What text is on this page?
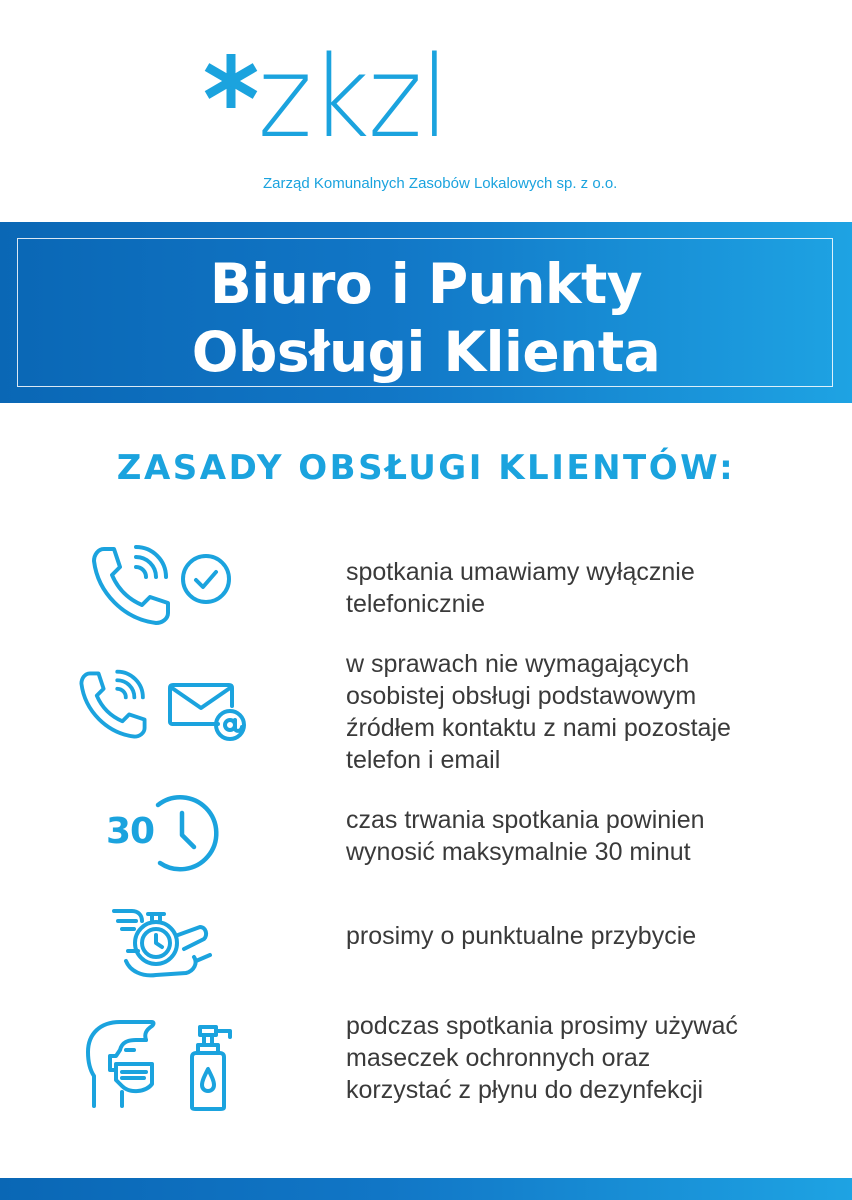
zkzl
Zarząd Komunalnych Zasobów Lokalowych sp. z o.o.
Biuro i Punkty
Obsługi Klienta
ZASADY OBSŁUGI KLIENTÓW:
spotkania umawiamy wyłącznie
telefonicznie
w sprawach nie wymagających
osobistej obsługi podstawowym
źródłem kontaktu z nami pozostaje
telefon i email
30	czas trwania spotkania powinien
wynosić maksymalnie 30 minut
prosimy o punktualne przybycie
podczas spotkania prosimy używać
maseczek ochronnych oraz
korzystać z płynu do dezynfekcji
